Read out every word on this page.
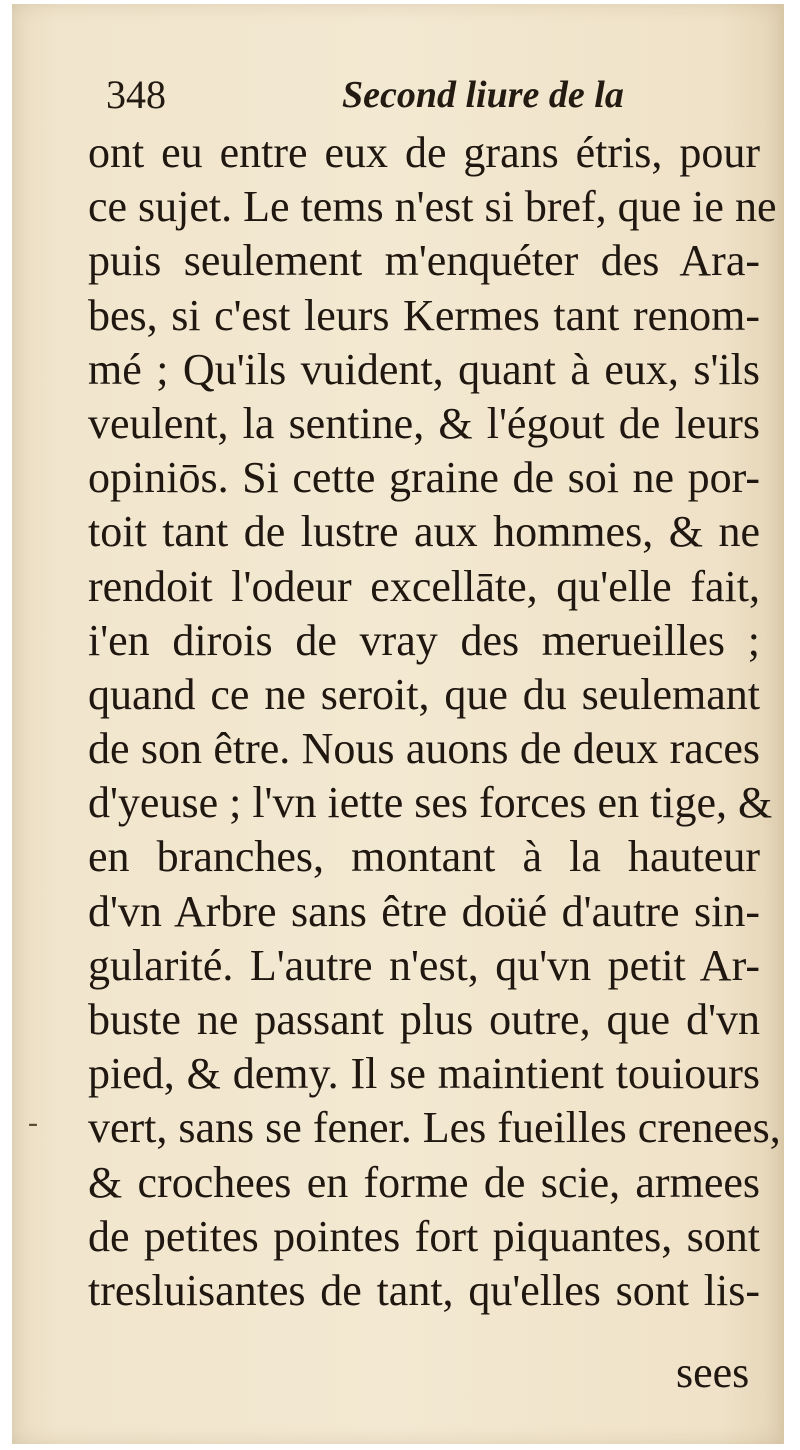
348	Second liure de la
ont eu entre eux de grans étris, pour
ce sujet. Le tems n'est si bref, que ie ne
puis seulement m'enquéter des Ara-
bes, si c'est leurs Kermes tant renom-
mé ; Qu'ils vuident, quant à eux, s'ils
veulent, la sentine, & l'égout de leurs
opiniōs. Si cette graine de soi ne por-
toit tant de lustre aux hommes, & ne
rendoit l'odeur excellāte, qu'elle fait,
i'en dirois de vray des merueilles ;
quand ce ne seroit, que du seulemant
de son être. Nous auons de deux races
d'yeuse ; l'vn iette ses forces en tige, &
en branches, montant à la hauteur
d'vn Arbre sans être doüé d'autre sin-
gularité. L'autre n'est, qu'vn petit Ar-
buste ne passant plus outre, que d'vn
pied, & demy. Il se maintient touiours
vert, sans se fener. Les fueilles crenees,
& crochees en forme de scie, armees
de petites pointes fort piquantes, sont
tresluisantes de tant, qu'elles sont lis-
sees
-
